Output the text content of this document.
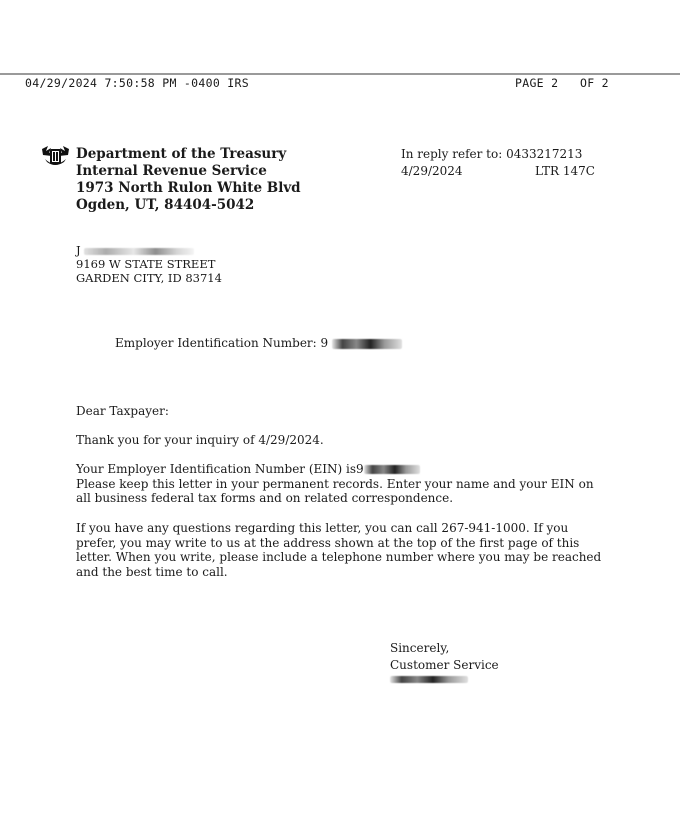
04/29/2024 7:50:58 PM -0400 IRS	PAGE 2   OF 2
Department of the Treasury
Internal Revenue Service
1973 North Rulon White Blvd
Ogden, UT, 84404-5042
In reply refer to: 0433217213
4/29/2024	LTR 147C
J
9169 W STATE STREET
GARDEN CITY, ID 83714
Employer Identification Number: 9

Dear Taxpayer:

Thank you for your inquiry of 4/29/2024.

Your Employer Identification Number (EIN) is9
Please keep this letter in your permanent records. Enter your name and your EIN on all business federal tax forms and on related correspondence.

If you have any questions regarding this letter, you can call 267-941-1000. If you prefer, you may write to us at the address shown at the top of the first page of this letter. When you write, please include a telephone number where you may be reached and the best time to call.

Sincerely,
Customer Service
